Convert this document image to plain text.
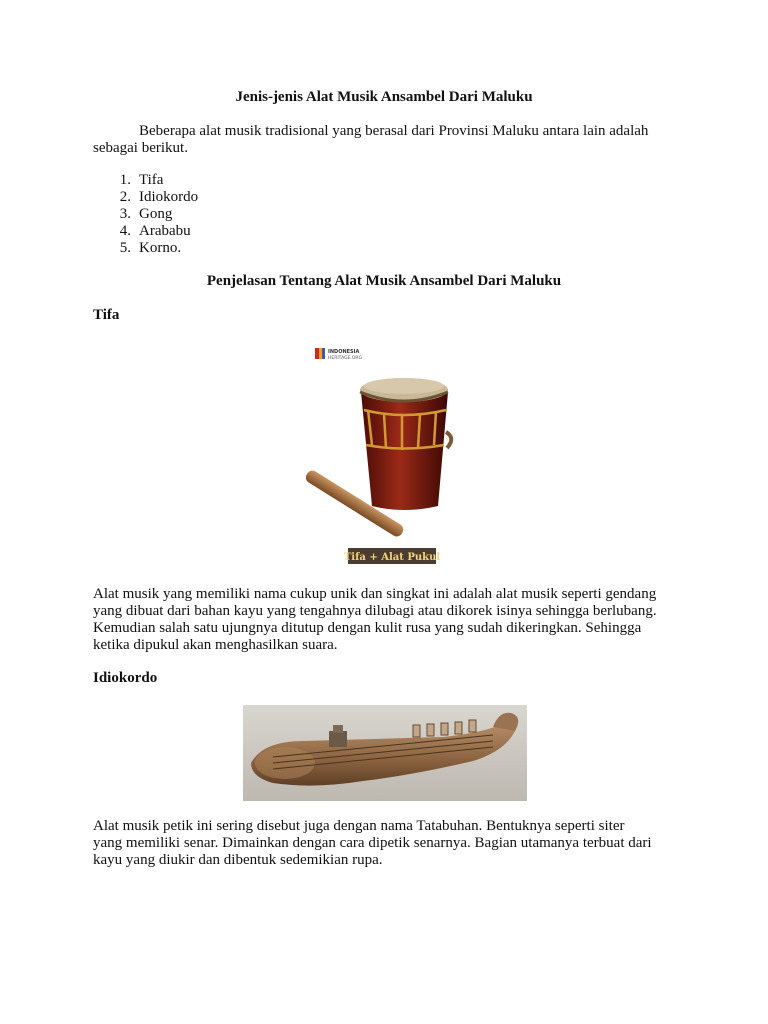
Jenis-jenis Alat Musik Ansambel Dari Maluku
Beberapa alat musik tradisional yang berasal dari Provinsi Maluku antara lain adalah
sebagai berikut.
1. Tifa
2. Idiokordo
3. Gong
4. Arababu
5. Korno.
Penjelasan Tentang Alat Musik Ansambel Dari Maluku
Tifa
INDONESIA
HERITAGE.ORG
Tifa + Alat Pukul
Alat musik yang memiliki nama cukup unik dan singkat ini adalah alat musik seperti gendang
yang dibuat dari bahan kayu yang tengahnya dilubagi atau dikorek isinya sehingga berlubang.
Kemudian salah satu ujungnya ditutup dengan kulit rusa yang sudah dikeringkan. Sehingga
ketika dipukul akan menghasilkan suara.
Idiokordo
Alat musik petik ini sering disebut juga dengan nama Tatabuhan. Bentuknya seperti siter
yang memiliki senar. Dimainkan dengan cara dipetik senarnya. Bagian utamanya terbuat dari
kayu yang diukir dan dibentuk sedemikian rupa.
